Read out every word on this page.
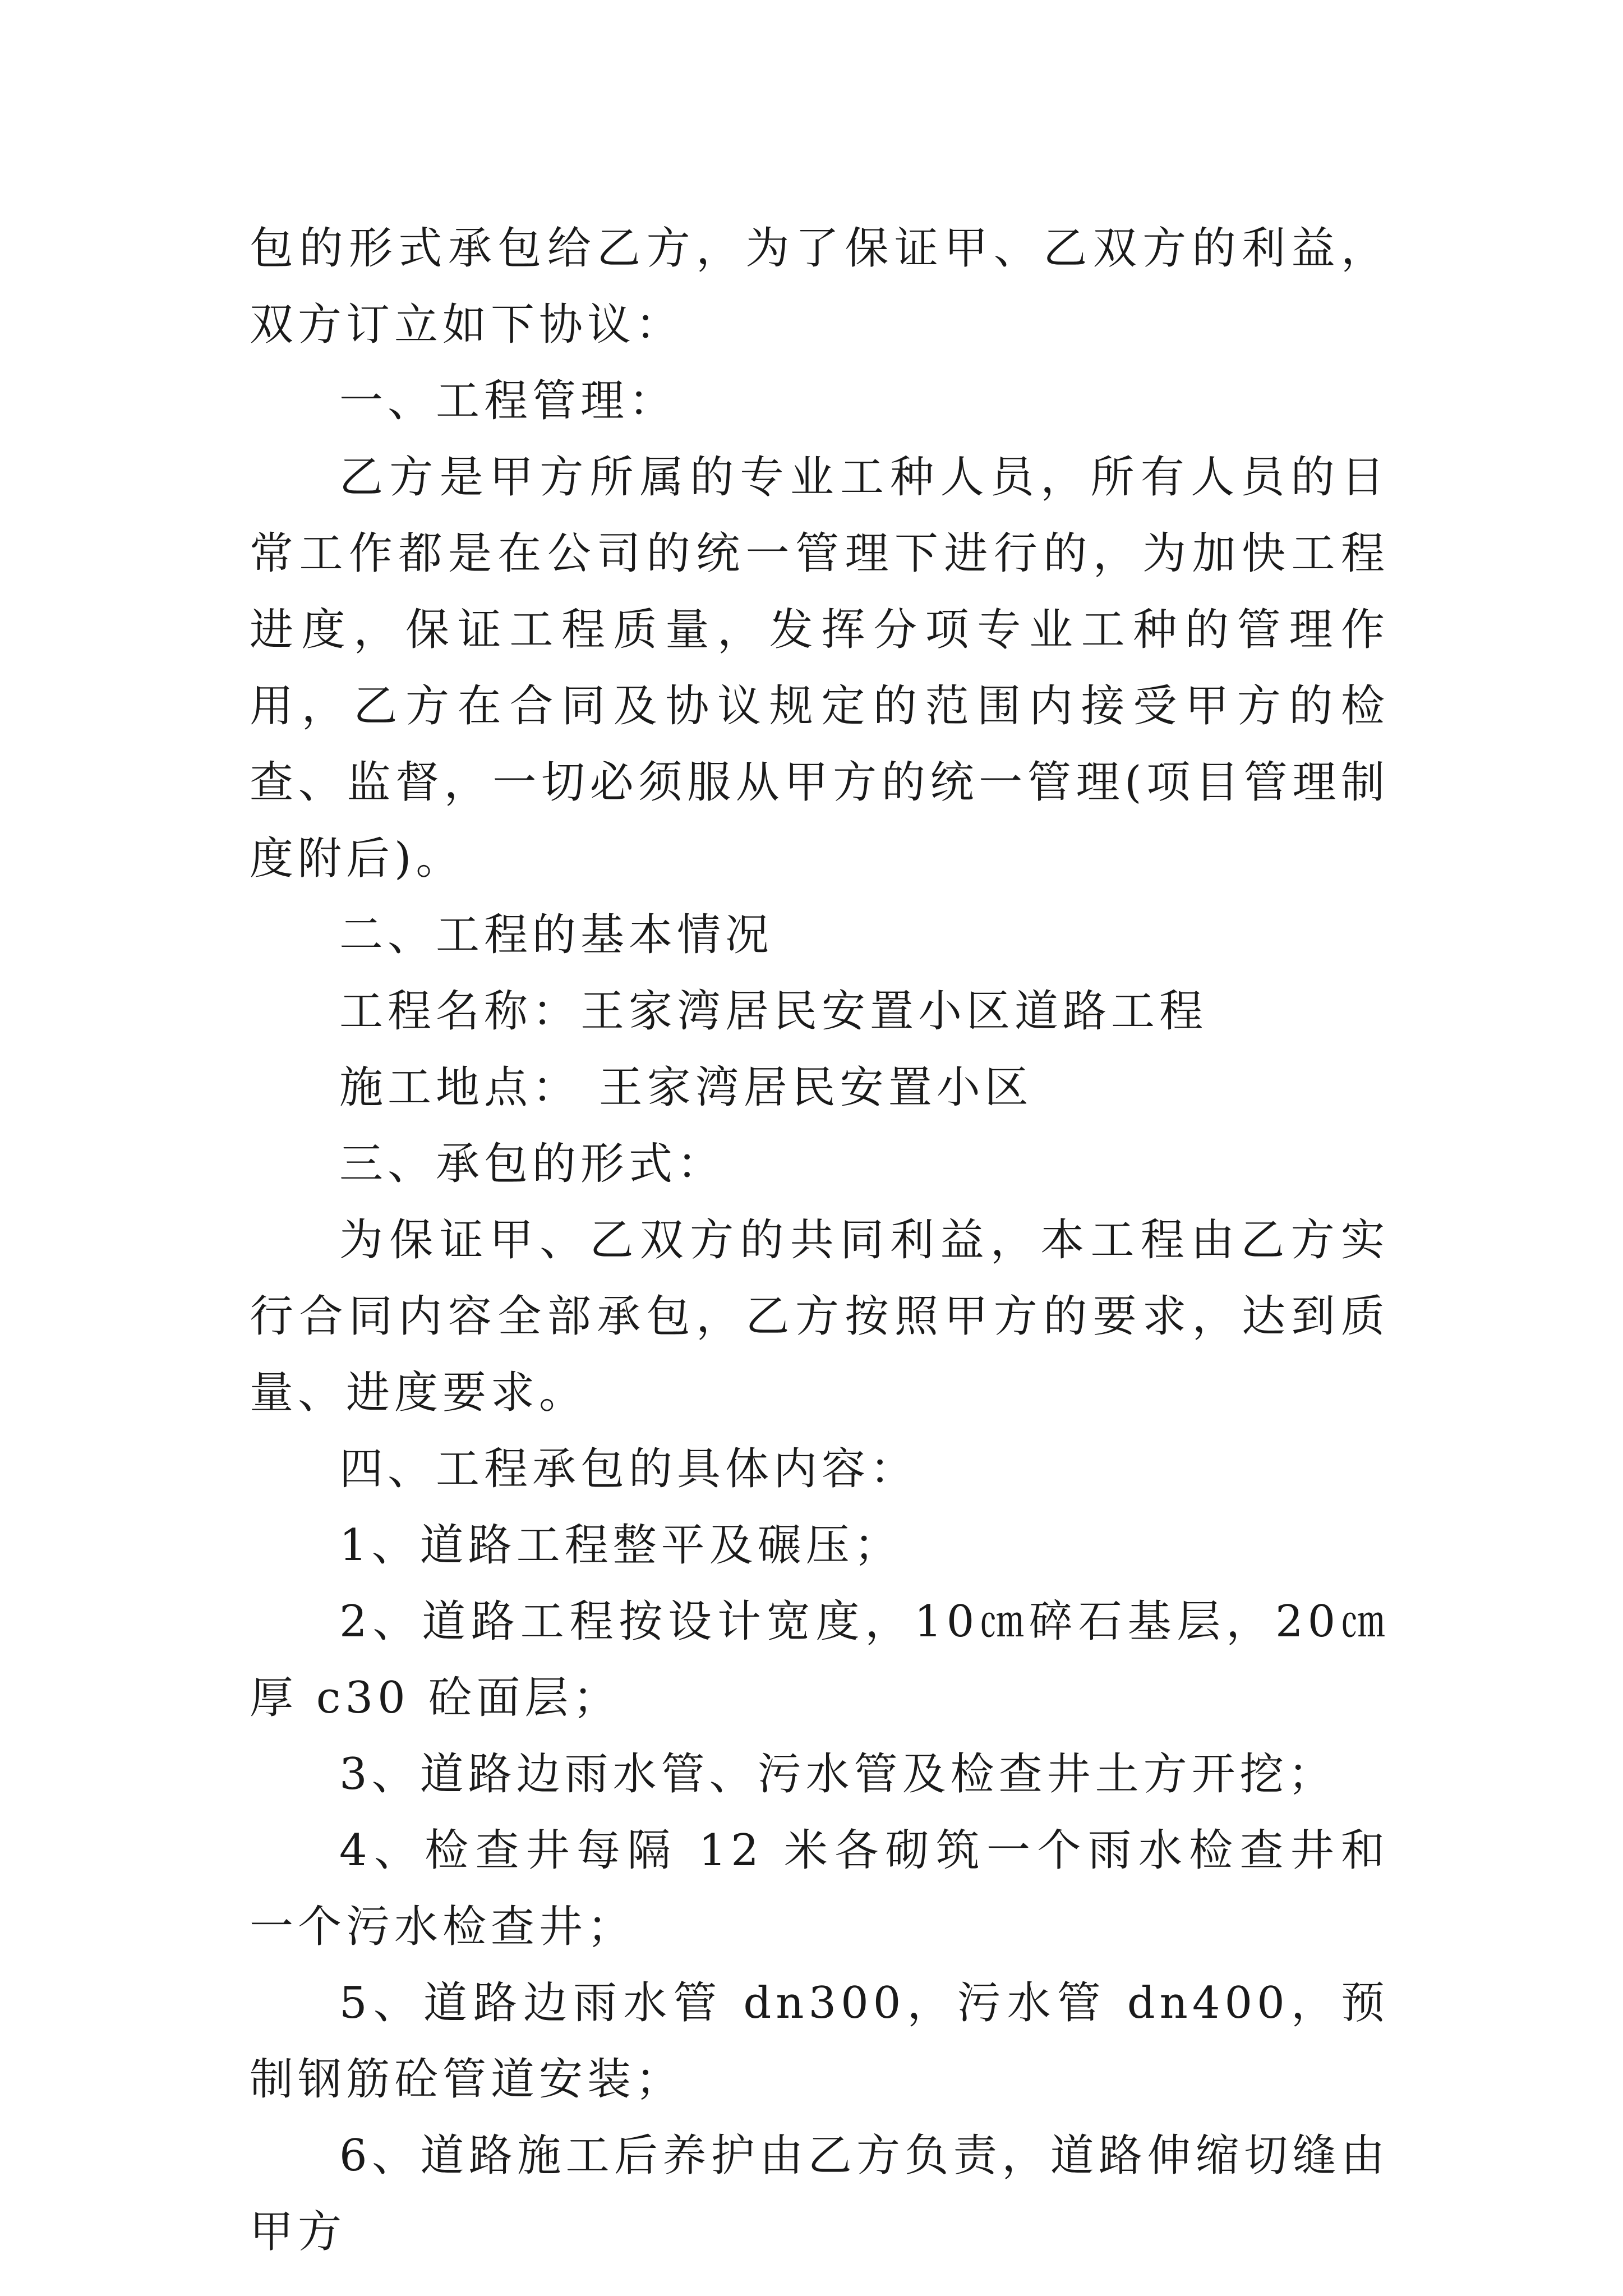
包的形式承包给乙方，为了保证甲、乙双方的利益，双方订立如下协议：

一、工程管理：

乙方是甲方所属的专业工种人员，所有人员的日常工作都是在公司的统一管理下进行的，为加快工程进度，保证工程质量，发挥分项专业工种的管理作用，乙方在合同及协议规定的范围内接受甲方的检查、监督，一切必须服从甲方的统一管理(项目管理制度附后)。

二、工程的基本情况

工程名称：王家湾居民安置小区道路工程

施工地点： 王家湾居民安置小区

三、承包的形式：

为保证甲、乙双方的共同利益，本工程由乙方实行合同内容全部承包，乙方按照甲方的要求，达到质量、进度要求。

四、工程承包的具体内容：

1、道路工程整平及碾压；

2、道路工程按设计宽度，10㎝碎石基层，20㎝厚 c30 砼面层；

3、道路边雨水管、污水管及检查井土方开挖；

4、检查井每隔 12 米各砌筑一个雨水检查井和一个污水检查井；

5、道路边雨水管 dn300，污水管 dn400，预制钢筋砼管道安装；

6、道路施工后养护由乙方负责，道路伸缩切缝由甲方
